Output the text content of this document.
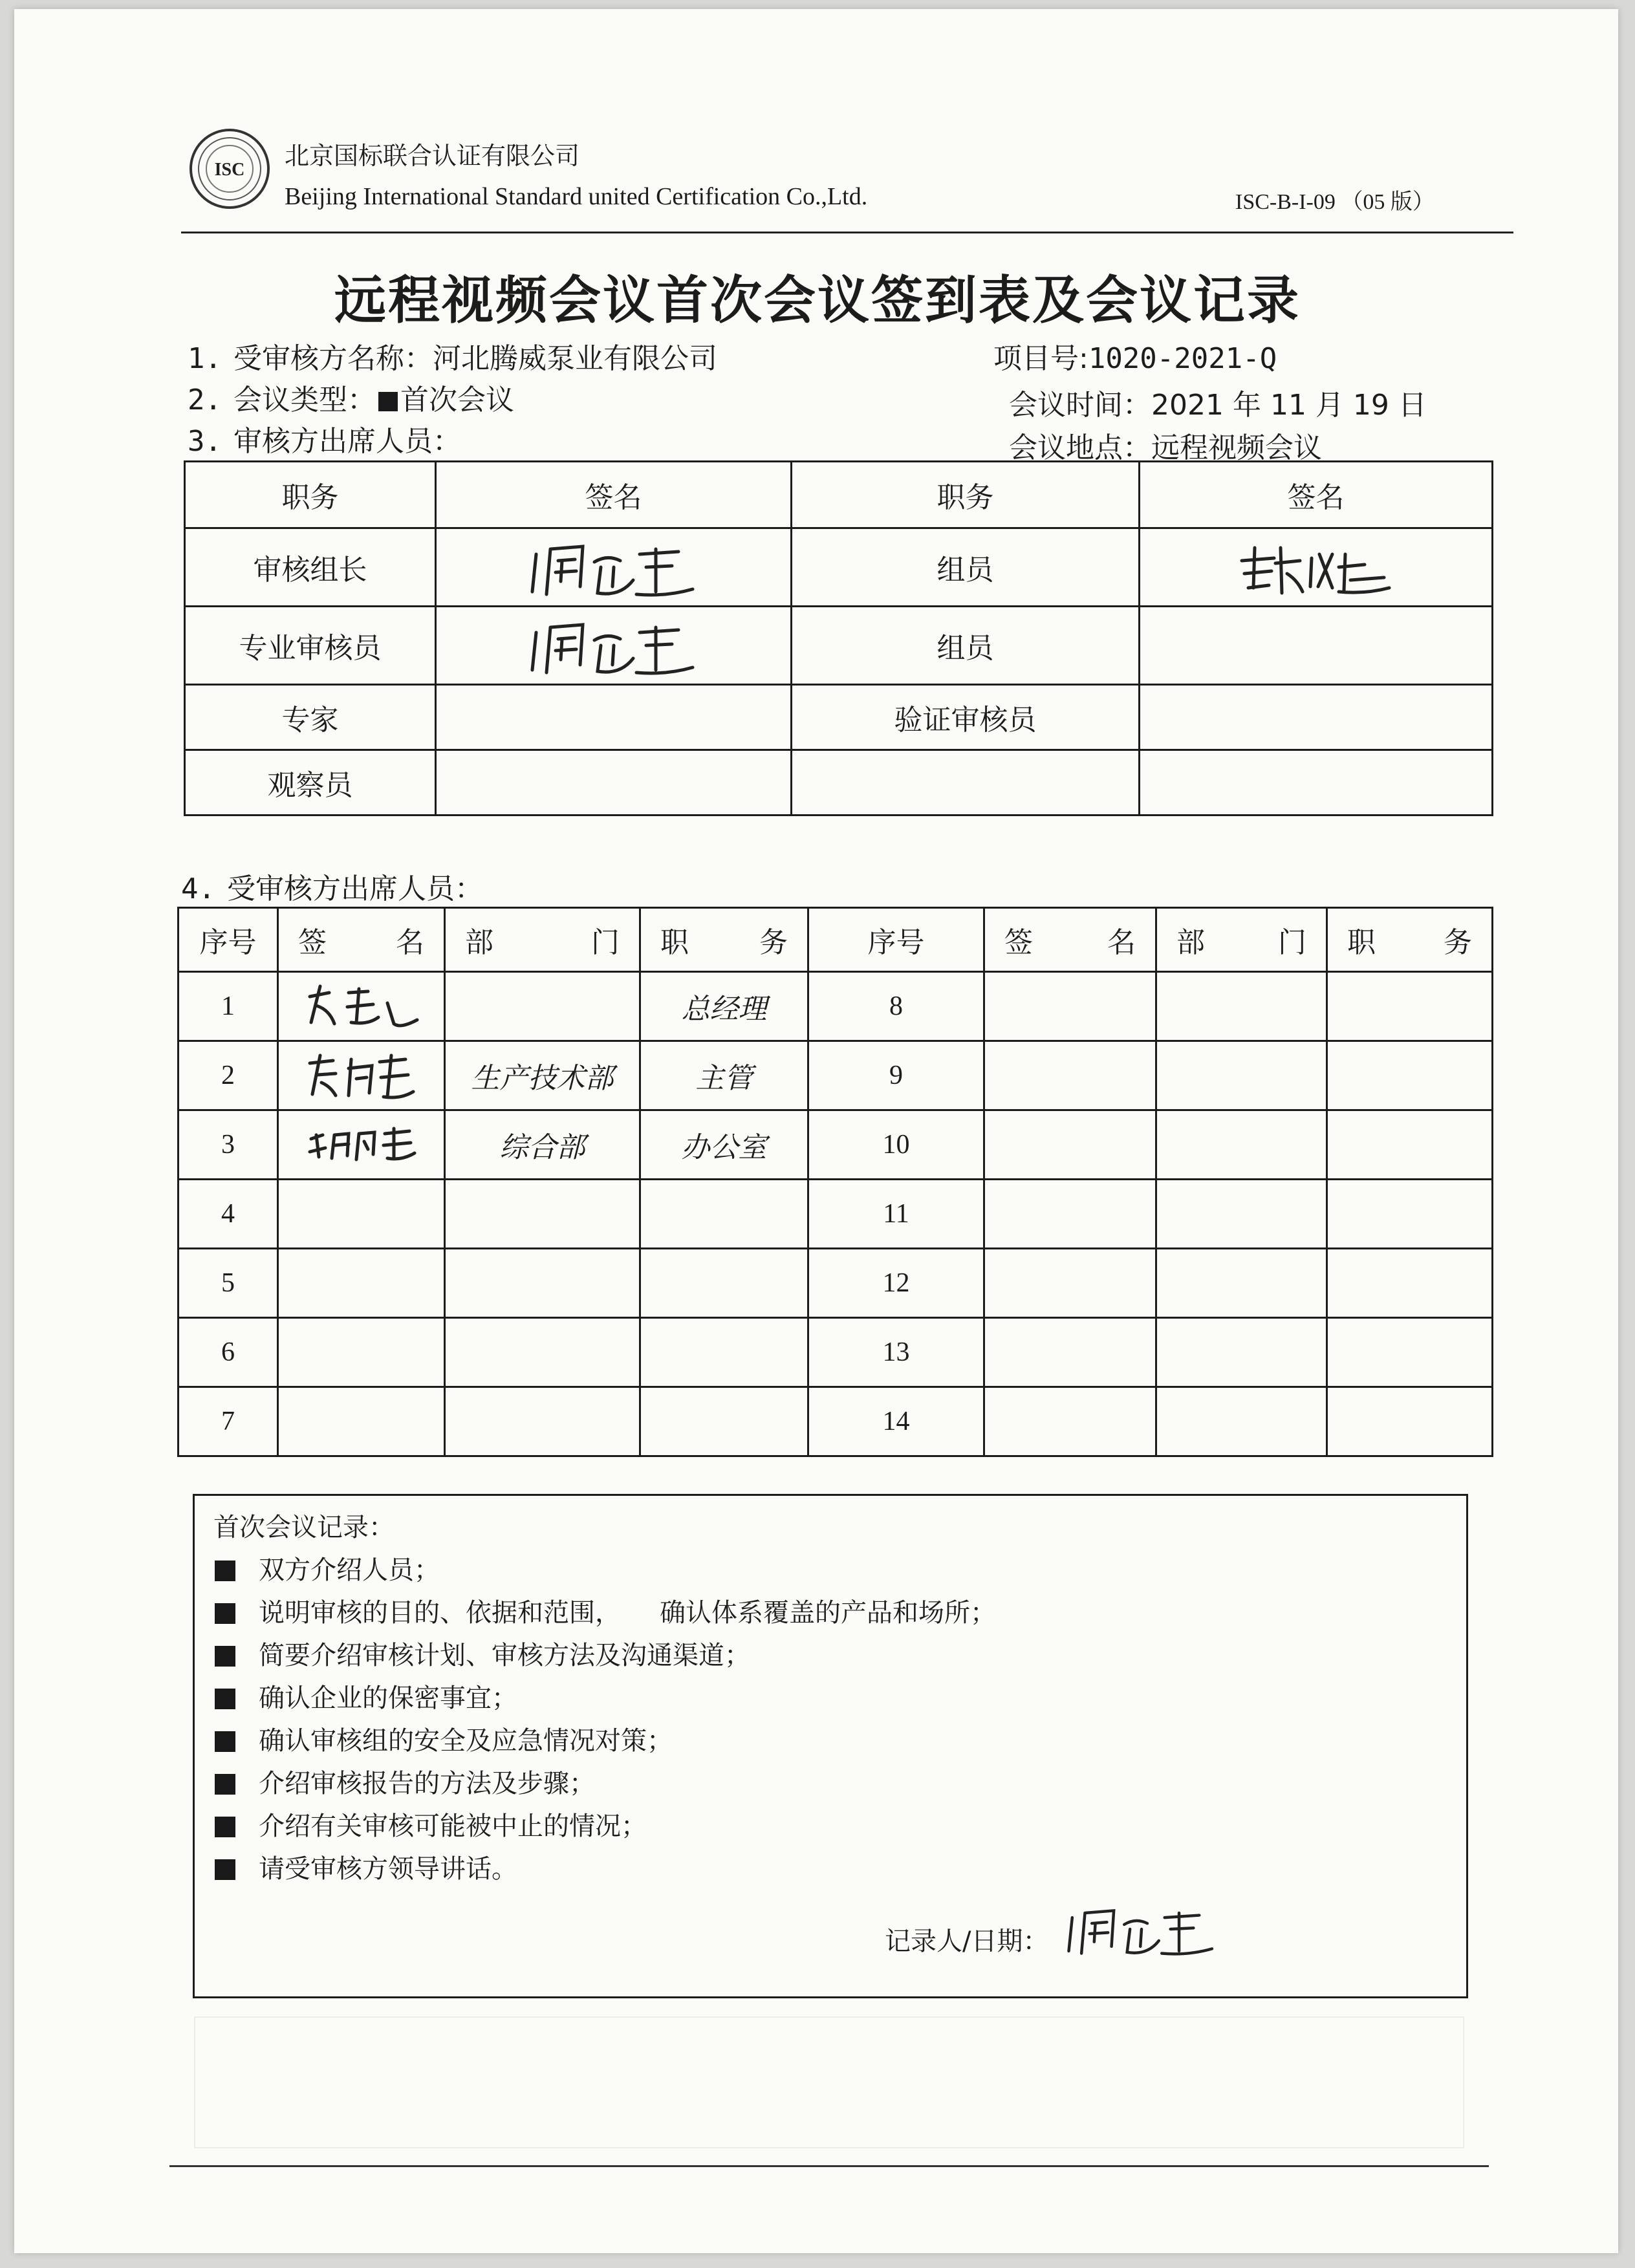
ISC 北京国标联合认证有限公司
Beijing International Standard united Certification Co.,Ltd.	ISC-B-I-09 （05 版）
远程视频会议首次会议签到表及会议记录
1. 受审核方名称：河北腾威泵业有限公司	项目号:1020-2021-Q
2. 会议类型： 首次会议	会议时间：2021 年 11 月 19 日
3. 审核方出席人员：	会议地点：远程视频会议
职务	签名	职务	签名
审核组长		组员	

专业审核员		组员	
专家		验证审核员	
观察员			
4. 受审核方出席人员：
序号	签 名	部 门	职 务	序号	签 名	部 门	职 务

1			总经理	8			
2		生产技术部	主管	9			
3		综合部	办公室	10			
4				11			
5				12			
6				13			
7				14			
首次会议记录：
双方介绍人员；
说明审核的目的、依据和范围，　　确认体系覆盖的产品和场所；
简要介绍审核计划、审核方法及沟通渠道；
确认企业的保密事宜；
确认审核组的安全及应急情况对策；
介绍审核报告的方法及步骤；
介绍有关审核可能被中止的情况；
请受审核方领导讲话。
记录人/日期：
